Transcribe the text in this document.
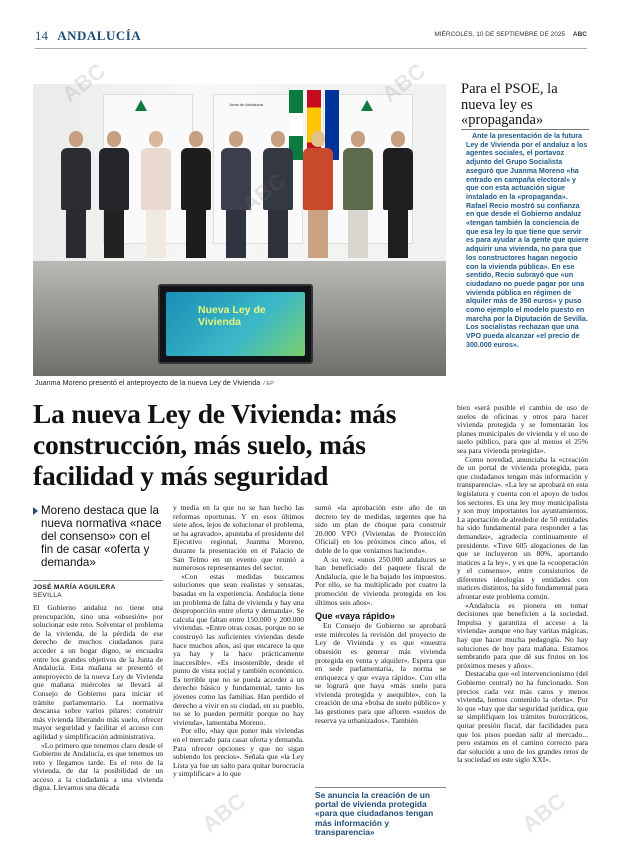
14 ANDALUCÍA	MIÉRCOLES, 10 DE SEPTIEMBRE DE 2025 ABC
Junta de Andalucía
Nueva Ley de Vivienda
Juanma Moreno presentó el anteproyecto de la nueva Ley de Vivienda / EP
Para el PSOE, la nueva ley es «propaganda»

Ante la presentación de la futura Ley de Vivienda por el andaluz a los agentes sociales, el portavoz adjunto del Grupo Socialista aseguró que Juanma Moreno «ha entrado en campaña electoral» y que con esta actuación sigue instalado en la «propaganda». Rafael Recio mostró su confianza en que desde el Gobierno andaluz «tengan también la conciencia de que esa ley lo que tiene que servir es para ayudar a la gente que quiere adquirir una vivienda, no para que los constructores hagan negocio con la vivienda pública». En ese sentido, Recio subrayó que «un ciudadano no puede pagar por una vivienda pública en régimen de alquiler más de 350 euros» y puso como ejemplo el modelo puesto en marcha por la Diputación de Sevilla. Los socialistas rechazan que una VPO pueda alcanzar «el precio de 300.000 euros».

La nueva Ley de Vivienda: más construcción, más suelo, más facilidad y más seguridad
Moreno destaca que la nueva normativa «nace del consenso» con el fin de casar «oferta y demanda»
JOSÉ MARÍA AGUILERA
SEVILLA

El Gobierno andaluz no tiene una preocupación, sino una «obsesión» por solucionar este reto. Solventar el problema de la vivienda, de la pérdida de ese derecho de muchos ciudadanos para acceder a un hogar digno, se encuadra entre los grandes objetivos de la Junta de Andalucía. Esta mañana se presentó el anteproyecto de la nueva Ley de Vivienda que mañana miércoles se llevará al Consejo de Gobierno para iniciar el trámite parlamentario. La normativa descansa sobre varios pilares: construir más vivienda liberando más suelo, ofrecer mayor seguridad y facilitar el acceso con agilidad y simplificación administrativa.

«Lo primero que tenemos claro desde el Gobierno de Andalucía, es que tenemos un reto y llegamos tarde. Es el reto de la vivienda, de dar la posibilidad de un acceso a la ciudadanía a una vivienda digna. Llevamos una década

y media en la que no se han hecho las reformas oportunas. Y en esos últimos siete años, lejos de solucionar el problema, se ha agravado», apuntaba el presidente del Ejecutivo regional, Juanma Moreno, durante la presentación en el Palacio de San Telmo en un evento que reunió a numerosos representantes del sector.

«Con estas medidas buscamos soluciones que sean realistas y sensatas, basadas en la experiencia. Andalucía tiene un problema de falta de vivienda y hay una desproporción entre oferta y demanda». Se calcula que faltan entre 150.000 y 200.000 viviendas. «Entre otras cosas, porque no se construyó las suficientes viviendas desde hace muchos años, así que encarece la que ya hay y la hace prácticamente inaccesible». «Es insostenible, desde el punto de vista social y también económico. Es terrible que no se pueda acceder a un derecho básico y fundamental, tanto los jóvenes como las familias. Han perdido el derecho a vivir en su ciudad, en su pueblo, no se lo pueden permitir porque no hay vivienda», lamentaba Moreno.

Por ello, «hay que poner más viviendas en el mercado para casar oferta y demanda. Para ofrecer opciones y que no sigan subiendo los precios». Señala que «la Ley Lista ya fue un salto para quitar burocracia y simplificar» a lo que

sumó «la aprobación este año de un decreto ley de medidas, urgentes que ha sido un plan de choque para construir 20.000 VPO (Viviendas de Protección Oficial) en los próximos cinco años, el doble de lo que veníamos haciendo».

A su vez, «unos 250.000 andaluces se han beneficiado del paquete fiscal de Andalucía, que le ha bajado los impuestos. Por ello, se ha multiplicado por cuatro la promoción de vivienda protegida en los últimos seis años».

Que «vaya rápido»

En Consejo de Gobierno se aprobará este miércoles la revisión del proyecto de Ley de Vivienda y es que «nuestra obsesión es generar más vivienda protegida en venta y alquiler». Espera que en sede parlamentaria, la norma se enriquezca y que «vaya rápido». Con ella se logrará que haya «más suelo para vivienda protegida y asequible», con la creación de una «bolsa de suelo público» y las gestiones para que afloren «suelos de reserva ya urbanizados». También

Se anuncia la creación de un portal de vivienda protegida «para que ciudadanos tengan más información y transparencia»

bien «será posible el cambio de uso de suelos de oficinas y otros para hacer vivienda protegida y se fomentarán los planes municipales de vivienda y el uso de suelo público, para que al menos el 25% sea para vivienda protegida».

Como novedad, anunciaba la «creación de un portal de vivienda protegida, para que ciudadanos tengan más información y transparencia». «La ley se aprobará en esta legislatura y cuenta con el apoyo de todos los sectores. Es una ley muy municipalista y son muy importantes los ayuntamientos. La aportación de alrededor de 50 entidades ha sido fundamental para responder a las demandas», agradecía continuamente el presidente. «Tuve 605 alegaciones de las que se incluyeron un 80%, aportando matices a la ley», y es que la «cooperación y el consenso», entre consistorios de diferentes ideologías y entidades con matices distintos, ha sido fundamental para afrontar este problema común.

«Andalucía es pionera en tomar decisiones que beneficien a la sociedad. Impulsa y garantiza el acceso a la vivienda» aunque «no hay varitas mágicas, hay que hacer mucha pedagogía. No hay soluciones de hoy para mañana. Estamos sembrando para que dé sus frutos en los próximos meses y años».

Destacaba que «el intervencionismo (del Gobierno central) no ha funcionado. Son precios cada vez más caros y menos vivienda, hemos contenido la oferta». Por lo que «hay que dar seguridad jurídica, que se simplifiquen los trámites burocráticos, quitar presión fiscal, dar facilidades para que los pisos puedan salir al mercado... pero estamos en el camino correcto para dar solución a uno de los grandes retos de la sociedad en este siglo XXI».

ABC	ABC
ABC	ABC
